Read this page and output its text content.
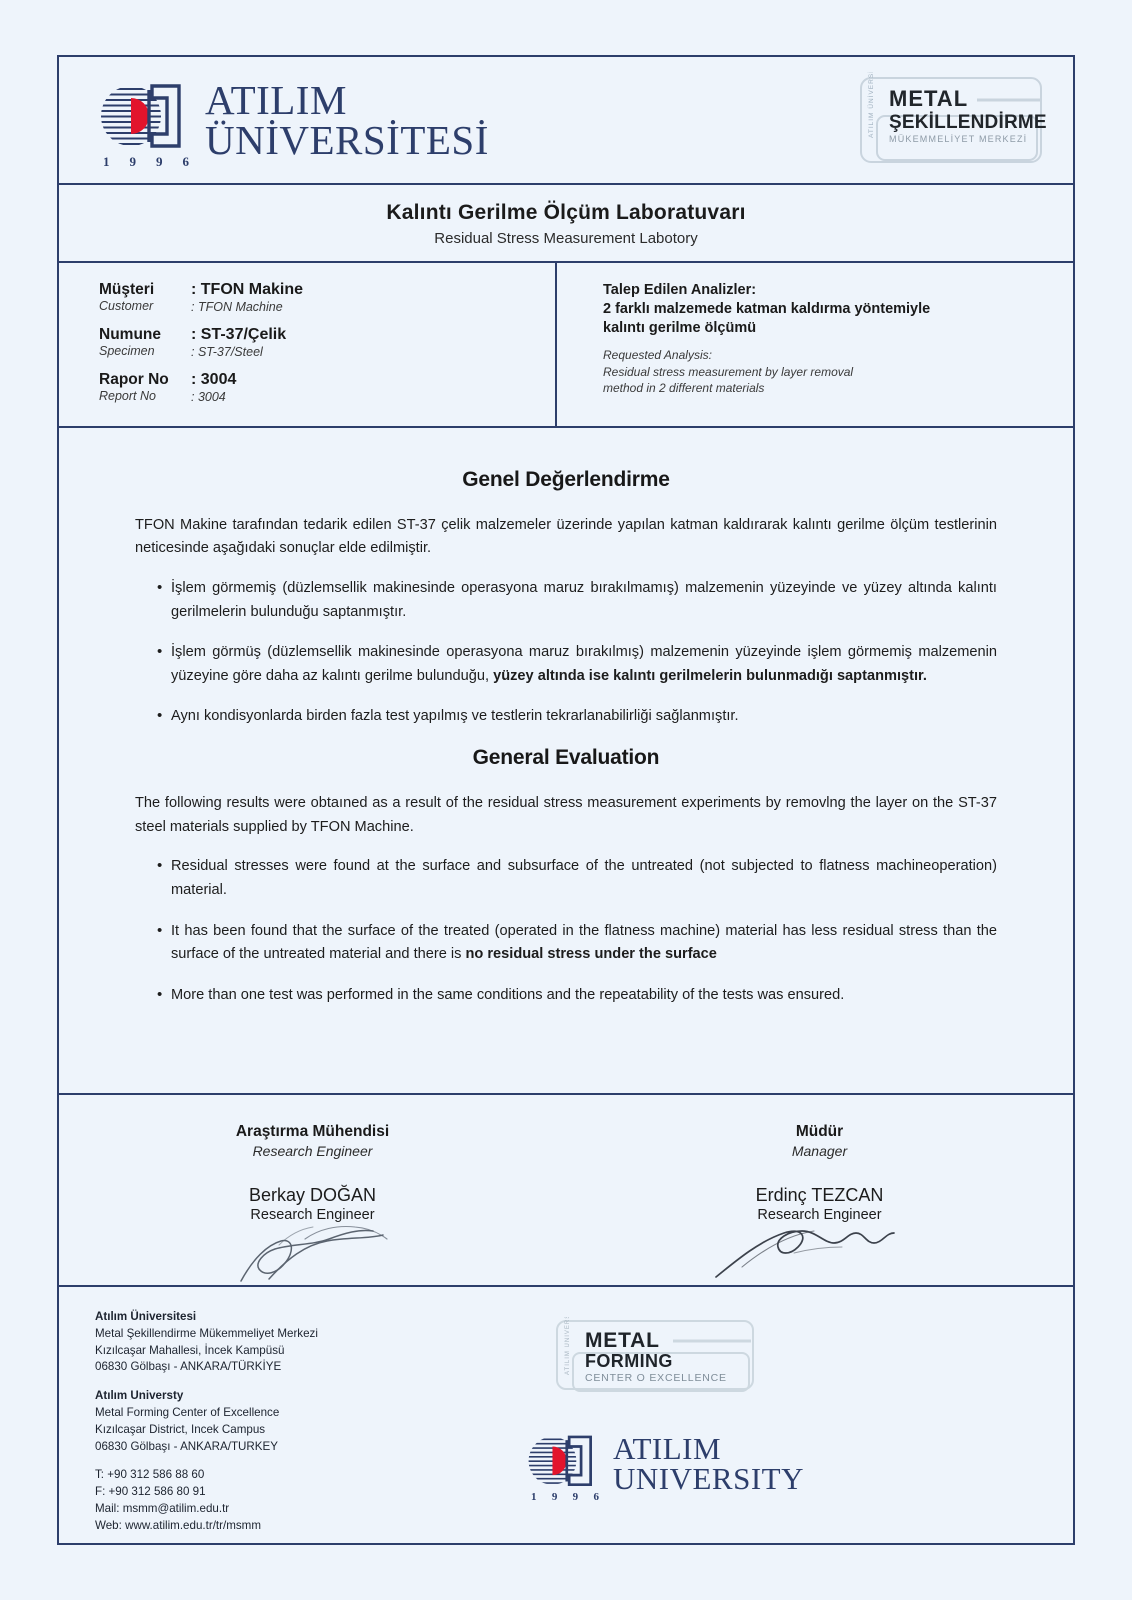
1 9 9 6
ATILIM
ÜNİVERSİTESİ
ATILIM ÜNİVERSİTESİ METAL
ŞEKİLLENDİRME
MÜKEMMELİYET MERKEZİ
Kalıntı Gerilme Ölçüm Laboratuvarı
Residual Stress Measurement Labotory
Müşteri
Customer
: TFON Makine
: TFON Machine
Numune
Specimen
: ST-37/Çelik
: ST-37/Steel
Rapor No
Report No
: 3004
: 3004
Talep Edilen Analizler:
2 farklı malzemede katman kaldırma yöntemiyle
kalıntı gerilme ölçümü
Requested Analysis:
Residual stress measurement by layer removal
method in 2 different materials
Genel Değerlendirme

TFON Makine tarafından tedarik edilen ST-37 çelik malzemeler üzerinde yapılan katman kaldırarak kalıntı gerilme ölçüm testlerinin neticesinde aşağıdaki sonuçlar elde edilmiştir.

• İşlem görmemiş (düzlemsellik makinesinde operasyona maruz bırakılmamış) malzemenin yüzeyinde ve yüzey altında kalıntı gerilmelerin bulunduğu saptanmıştır.
• İşlem görmüş (düzlemsellik makinesinde operasyona maruz bırakılmış) malzemenin yüzeyinde işlem görmemiş malzemenin yüzeyine göre daha az kalıntı gerilme bulunduğu, yüzey altında ise kalıntı gerilmelerin bulunmadığı saptanmıştır.
• Aynı kondisyonlarda birden fazla test yapılmış ve testlerin tekrarlanabilirliği sağlanmıştır.
General Evaluation

The following results were obtaıned as a result of the residual stress measurement experiments by removlng the layer on the ST-37 steel materials supplied by TFON Machine.

• Residual stresses were found at the surface and subsurface of the untreated (not subjected to flatness machineoperation) material.
• It has been found that the surface of the treated (operated in the flatness machine) material has less residual stress than the surface of the untreated material and there is no residual stress under the surface
• More than one test was performed in the same conditions and the repeatability of the tests was ensured.
Araştırma Mühendisi
Research Engineer
Berkay DOĞAN
Research Engineer
Müdür
Manager
Erdinç TEZCAN
Research Engineer
Atılım Üniversitesi
Metal Şekillendirme Mükemmeliyet Merkezi
Kızılcaşar Mahallesi, İncek Kampüsü
06830 Gölbaşı - ANKARA/TÜRKİYE
Atılım Universty
Metal Forming Center of Excellence
Kızılcaşar District, Incek Campus
06830 Gölbaşı - ANKARA/TURKEY
T: +90 312 586 88 60
F: +90 312 586 80 91
Mail: msmm@atilim.edu.tr
Web: www.atilim.edu.tr/tr/msmm
ATILIM UNIVERSITY METAL
FORMING
CENTER O EXCELLENCE
1 9 9 6
ATILIM
UNIVERSITY
